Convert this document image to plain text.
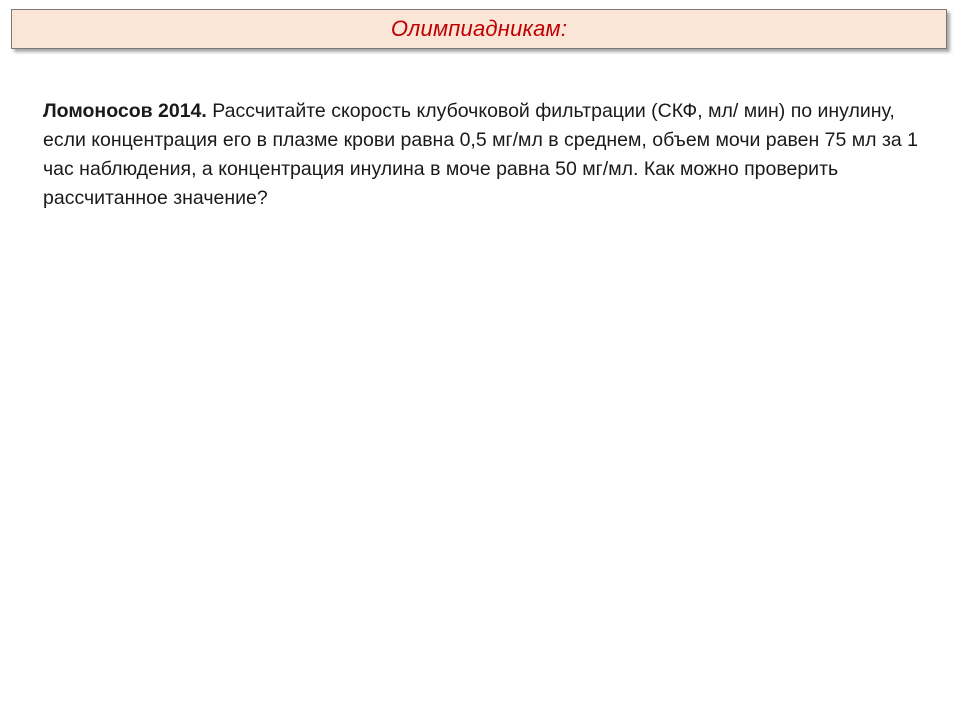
Олимпиадникам:
Ломоносов 2014. Рассчитайте скорость клубочковой фильтрации (СКФ, мл/ мин) по инулину, если концентрация его в плазме крови равна 0,5 мг/мл в среднем, объем мочи равен 75 мл за 1 час наблюдения, а концентрация инулина в моче равна 50 мг/мл. Как можно проверить рассчитанное значение?
